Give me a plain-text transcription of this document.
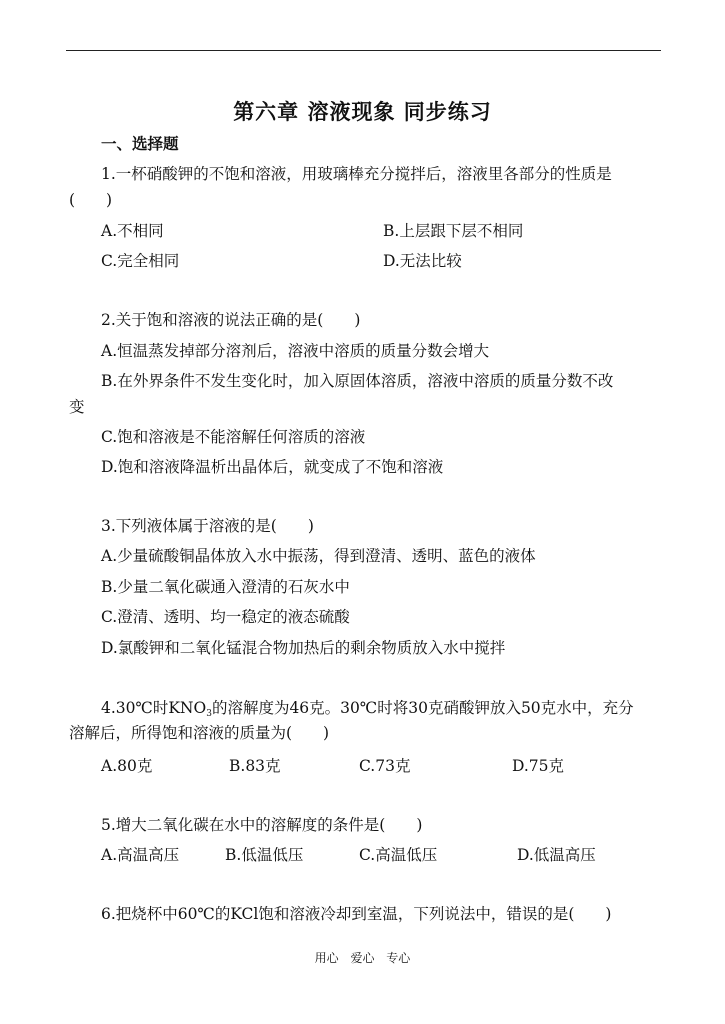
第六章 溶液现象 同步练习
一、选择题
1.一杯硝酸钾的不饱和溶液，用玻璃棒充分搅拌后，溶液里各部分的性质是
(　　)
A.不相同	B.上层跟下层不相同
C.完全相同	D.无法比较
2.关于饱和溶液的说法正确的是(　　)
A.恒温蒸发掉部分溶剂后，溶液中溶质的质量分数会增大
B.在外界条件不发生变化时，加入原固体溶质，溶液中溶质的质量分数不改
变
C.饱和溶液是不能溶解任何溶质的溶液
D.饱和溶液降温析出晶体后，就变成了不饱和溶液
3.下列液体属于溶液的是(　　)
A.少量硫酸铜晶体放入水中振荡，得到澄清、透明、蓝色的液体
B.少量二氧化碳通入澄清的石灰水中
C.澄清、透明、均一稳定的液态硫酸
D.氯酸钾和二氧化锰混合物加热后的剩余物质放入水中搅拌
4.30℃时$KNO_3$的溶解度为46克。30℃时将30克硝酸钾放入50克水中，充分
溶解后，所得饱和溶液的质量为(　　)
A.80克	B.83克	C.73克	D.75克
5.增大二氧化碳在水中的溶解度的条件是(　　)
A.高温高压	B.低温低压	C.高温低压	D.低温高压
6.把烧杯中60℃的KCl饱和溶液冷却到室温，下列说法中，错误的是(　　)
用心 爱心 专心
